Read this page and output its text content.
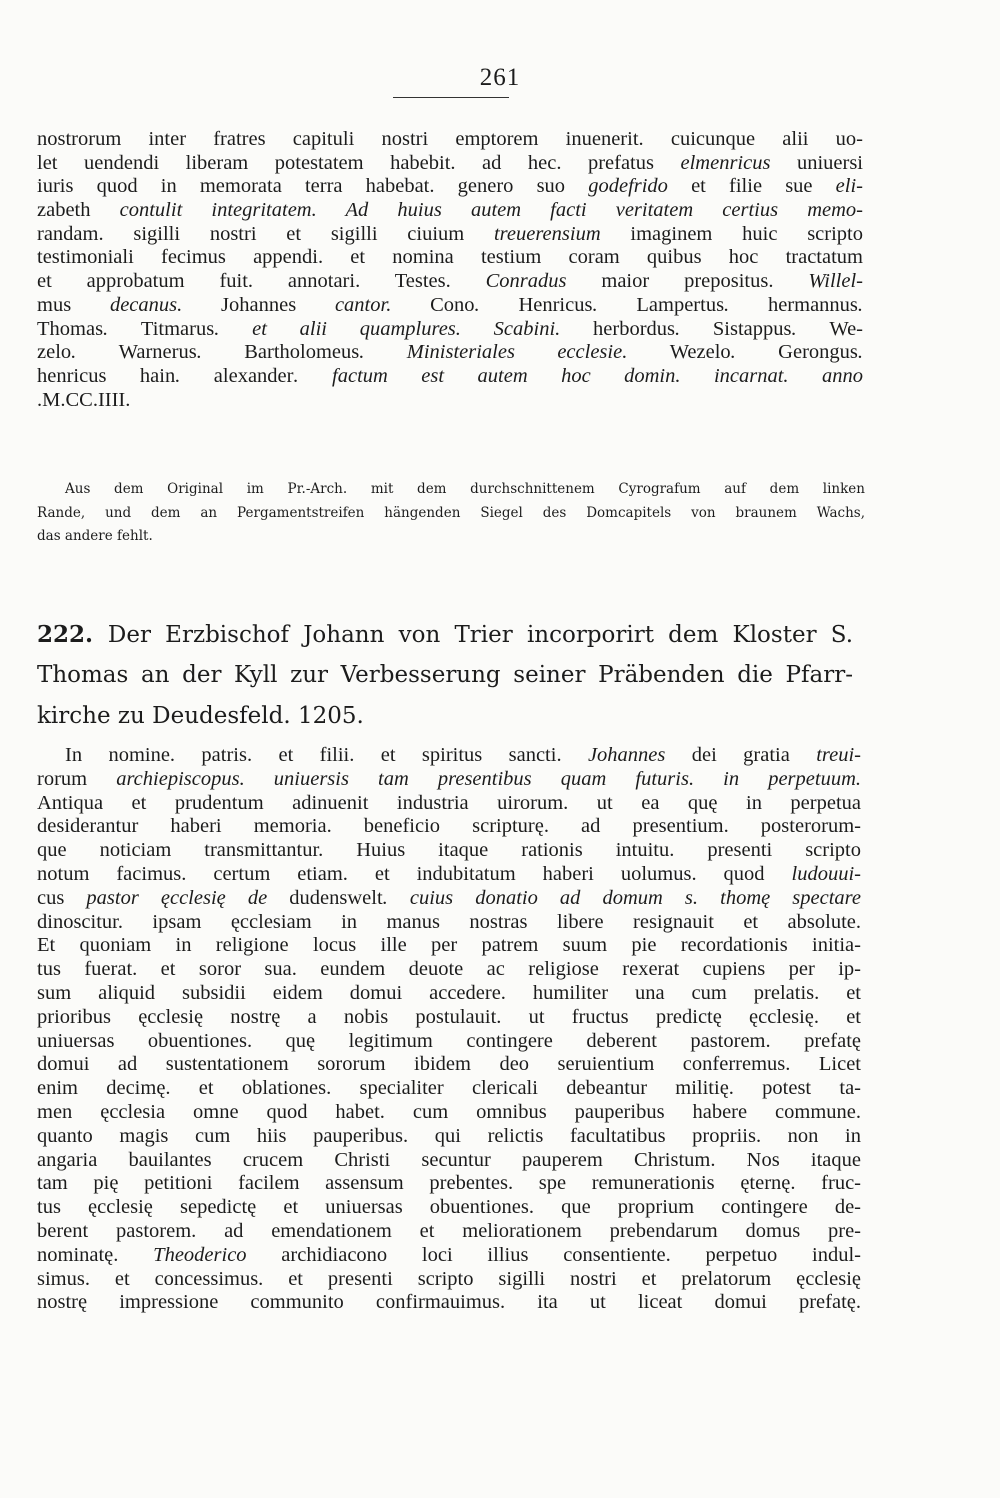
261
nostrorum inter fratres capituli nostri emptorem inuenerit. cuicunque alii uo-
let uendendi liberam potestatem habebit. ad hec. prefatus elmenricus uniuersi
iuris quod in memorata terra habebat. genero suo godefrido et filie sue eli-
zabeth contulit integritatem. Ad huius autem facti veritatem certius memo-
randam. sigilli nostri et sigilli ciuium treuerensium imaginem huic scripto
testimoniali fecimus appendi. et nomina testium coram quibus hoc tractatum
et approbatum fuit. annotari. Testes. Conradus maior prepositus. Willel-
mus decanus. Johannes cantor. Cono. Henricus. Lampertus. hermannus.
Thomas. Titmarus. et alii quamplures. Scabini. herbordus. Sistappus. We-
zelo. Warnerus. Bartholomeus. Ministeriales ecclesie. Wezelo. Gerongus.
henricus hain. alexander. factum est autem hoc domin. incarnat. anno
.M.CC.IIII.
Aus dem Original im Pr.-Arch. mit dem durchschnittenem Cyrografum auf dem linken
Rande, und dem an Pergamentstreifen hängenden Siegel des Domcapitels von braunem Wachs,
das andere fehlt.
222. Der Erzbischof Johann von Trier incorporirt dem Kloster S.
Thomas an der Kyll zur Verbesserung seiner Präbenden die Pfarr-
kirche zu Deudesfeld. 1205.
In nomine. patris. et filii. et spiritus sancti. Johannes dei gratia treui-
rorum archiepiscopus. uniuersis tam presentibus quam futuris. in perpetuum.
Antiqua et prudentum adinuenit industria uirorum. ut ea quę in perpetua
desiderantur haberi memoria. beneficio scripturę. ad presentium. posterorum-
que noticiam transmittantur. Huius itaque rationis intuitu. presenti scripto
notum facimus. certum etiam. et indubitatum haberi uolumus. quod ludouui-
cus pastor ęcclesię de dudenswelt. cuius donatio ad domum s. thomę spectare
dinoscitur. ipsam ęcclesiam in manus nostras libere resignauit et absolute.
Et quoniam in religione locus ille per patrem suum pie recordationis initia-
tus fuerat. et soror sua. eundem deuote ac religiose rexerat cupiens per ip-
sum aliquid subsidii eidem domui accedere. humiliter una cum prelatis. et
prioribus ęcclesię nostrę a nobis postulauit. ut fructus predictę ęcclesię. et
uniuersas obuentiones. quę legitimum contingere deberent pastorem. prefatę
domui ad sustentationem sororum ibidem deo seruientium conferremus. Licet
enim decimę. et oblationes. specialiter clericali debeantur militię. potest ta-
men ęcclesia omne quod habet. cum omnibus pauperibus habere commune.
quanto magis cum hiis pauperibus. qui relictis facultatibus propriis. non in
angaria bauilantes crucem Christi secuntur pauperem Christum. Nos itaque
tam pię petitioni facilem assensum prebentes. spe remunerationis ęternę. fruc-
tus ęcclesię sepedictę et uniuersas obuentiones. que proprium contingere de-
berent pastorem. ad emendationem et meliorationem prebendarum domus pre-
nominatę. Theoderico archidiacono loci illius consentiente. perpetuo indul-
simus. et concessimus. et presenti scripto sigilli nostri et prelatorum ęcclesię
nostrę impressione communito confirmauimus. ita ut liceat domui prefatę.
